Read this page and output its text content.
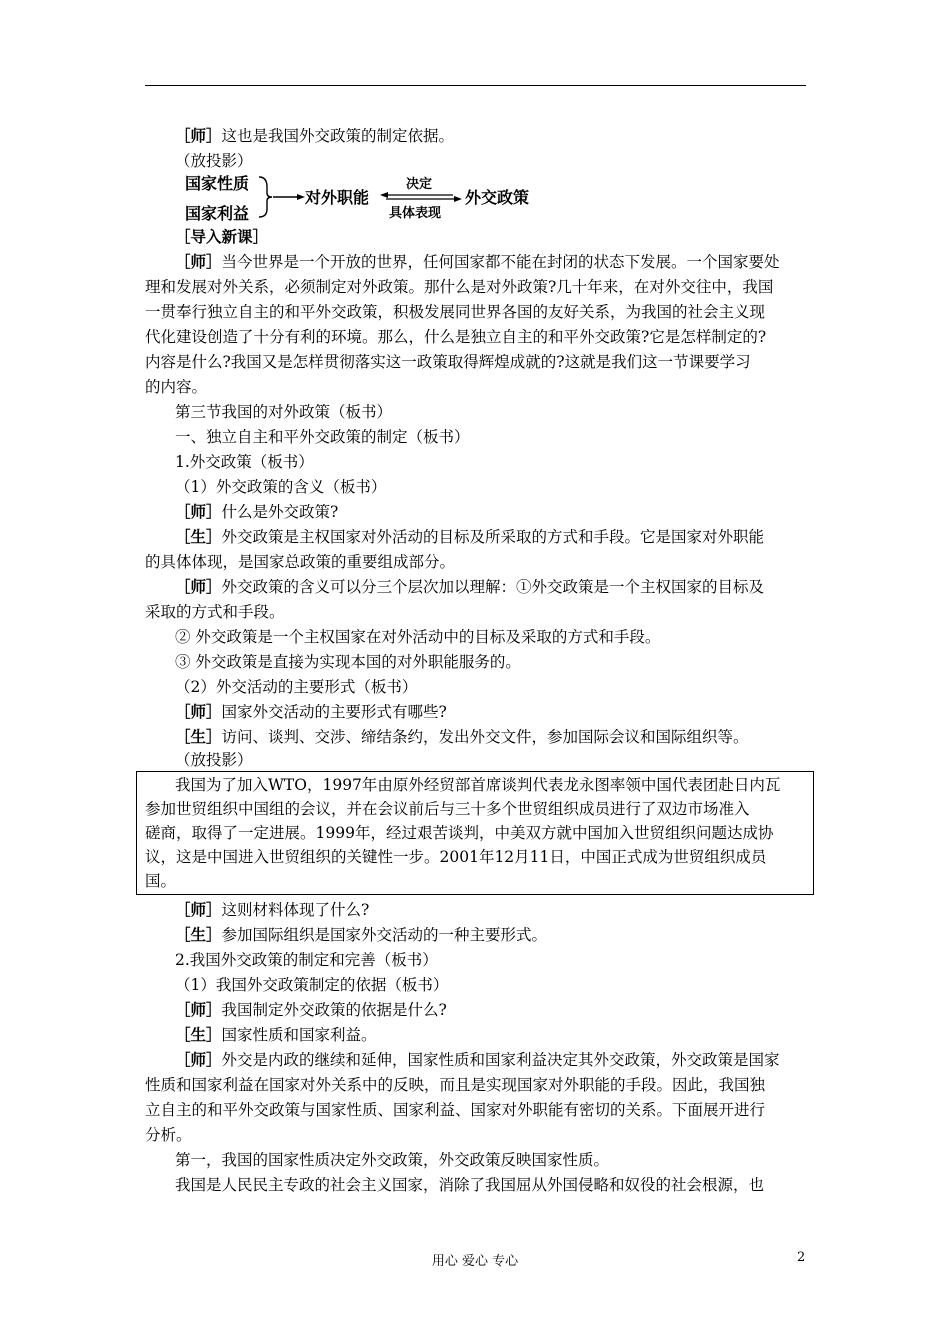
［师］这也是我国外交政策的制定依据。
（放投影）
国家性质
国家利益
对外职能
决定
具体表现
外交政策
［导入新课］
［师］当今世界是一个开放的世界，任何国家都不能在封闭的状态下发展。一个国家要处
理和发展对外关系，必须制定对外政策。那什么是对外政策?几十年来，在对外交往中，我国
一贯奉行独立自主的和平外交政策，积极发展同世界各国的友好关系，为我国的社会主义现
代化建设创造了十分有利的环境。那么，什么是独立自主的和平外交政策?它是怎样制定的?
内容是什么?我国又是怎样贯彻落实这一政策取得辉煌成就的?这就是我们这一节课要学习
的内容。
第三节我国的对外政策（板书）
一、独立自主和平外交政策的制定（板书）
1.外交政策（板书）
（1）外交政策的含义（板书）
［师］什么是外交政策?
［生］外交政策是主权国家对外活动的目标及所采取的方式和手段。它是国家对外职能
的具体体现，是国家总政策的重要组成部分。
［师］外交政策的含义可以分三个层次加以理解：①外交政策是一个主权国家的目标及
采取的方式和手段。
② 外交政策是一个主权国家在对外活动中的目标及采取的方式和手段。
③ 外交政策是直接为实现本国的对外职能服务的。
（2）外交活动的主要形式（板书）
［师］国家外交活动的主要形式有哪些?
［生］访问、谈判、交涉、缔结条约，发出外交文件，参加国际会议和国际组织等。
（放投影）
我国为了加入WTO，1997年由原外经贸部首席谈判代表龙永图率领中国代表团赴日内瓦
参加世贸组织中国组的会议，并在会议前后与三十多个世贸组织成员进行了双边市场准入
磋商，取得了一定进展。1999年，经过艰苦谈判，中美双方就中国加入世贸组织问题达成协
议，这是中国进入世贸组织的关键性一步。2001年12月11日，中国正式成为世贸组织成员
国。
［师］这则材料体现了什么?
［生］参加国际组织是国家外交活动的一种主要形式。
2.我国外交政策的制定和完善（板书）
（1）我国外交政策制定的依据（板书）
［师］我国制定外交政策的依据是什么?
［生］国家性质和国家利益。
［师］外交是内政的继续和延伸，国家性质和国家利益决定其外交政策，外交政策是国家
性质和国家利益在国家对外关系中的反映，而且是实现国家对外职能的手段。因此，我国独
立自主的和平外交政策与国家性质、国家利益、国家对外职能有密切的关系。下面展开进行
分析。
第一，我国的国家性质决定外交政策，外交政策反映国家性质。
我国是人民民主专政的社会主义国家，消除了我国屈从外国侵略和奴役的社会根源，也
用心 爱心 专心	2
